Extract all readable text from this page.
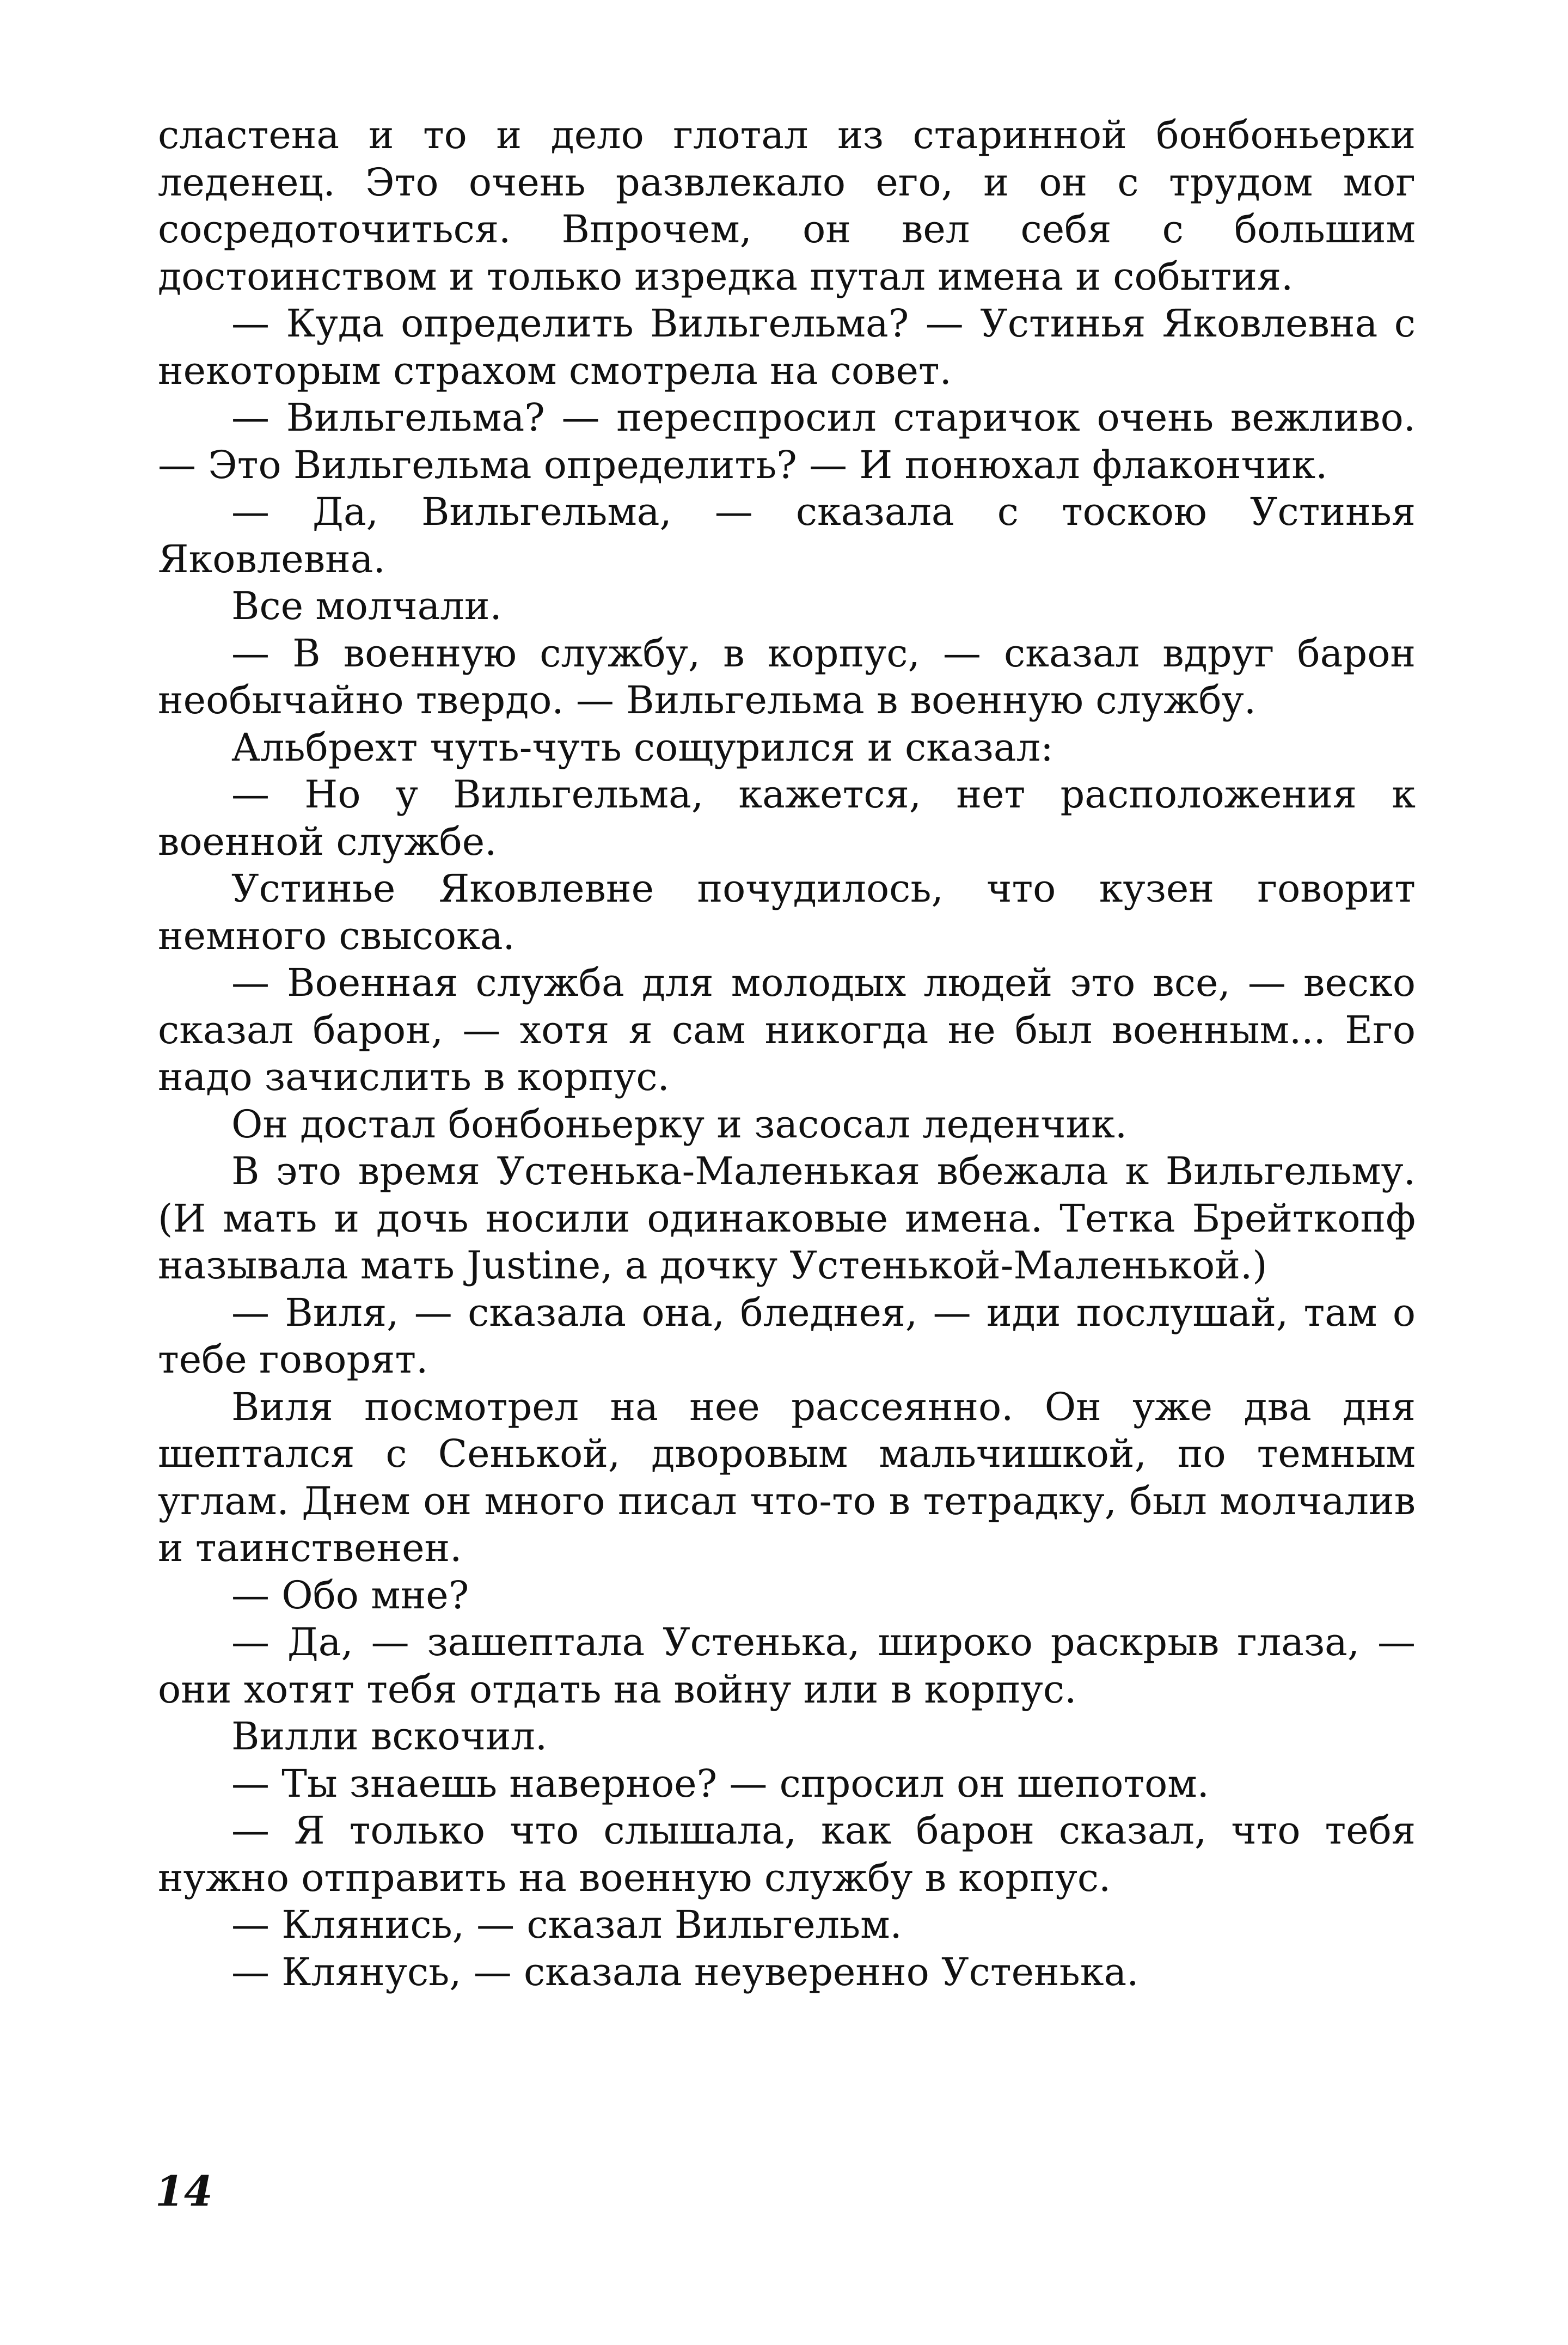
сластена и то и дело глотал из старинной бонбоньерки леденец. Это очень развлекало его, и он с трудом мог сосредоточиться. Впрочем, он вел себя с большим достоинством и только изредка путал имена и события.

— Куда определить Вильгельма? — Устинья Яковлевна с некоторым страхом смотрела на совет.

— Вильгельма? — переспросил старичок очень вежливо. — Это Вильгельма определить? — И понюхал флакончик.

— Да, Вильгельма, — сказала с тоскою Устинья Яковлевна.

Все молчали.

— В военную службу, в корпус, — сказал вдруг барон необычайно твердо. — Вильгельма в военную службу.

Альбрехт чуть-чуть сощурился и сказал:

— Но у Вильгельма, кажется, нет расположения к военной службе.

Устинье Яковлевне почудилось, что кузен говорит немного свысока.

— Военная служба для молодых людей это все, — веско сказал барон, — хотя я сам никогда не был военным... Его надо зачислить в корпус.

Он достал бонбоньерку и засосал леденчик.

В это время Устенька-Маленькая вбежала к Вильгельму. (И мать и дочь носили одинаковые имена. Тетка Брейткопф называла мать Justine, а дочку Устенькой-Маленькой.)

— Виля, — сказала она, бледнея, — иди послушай, там о тебе говорят.

Виля посмотрел на нее рассеянно. Он уже два дня шептался с Сенькой, дворовым мальчишкой, по темным углам. Днем он много писал что-то в тетрадку, был молчалив и таинственен.

— Обо мне?

— Да, — зашептала Устенька, широко раскрыв глаза, — они хотят тебя отдать на войну или в корпус.

Вилли вскочил.

— Ты знаешь наверное? — спросил он шепотом.

— Я только что слышала, как барон сказал, что тебя нужно отправить на военную службу в корпус.

— Клянись, — сказал Вильгельм.

— Клянусь, — сказала неуверенно Устенька.

14
